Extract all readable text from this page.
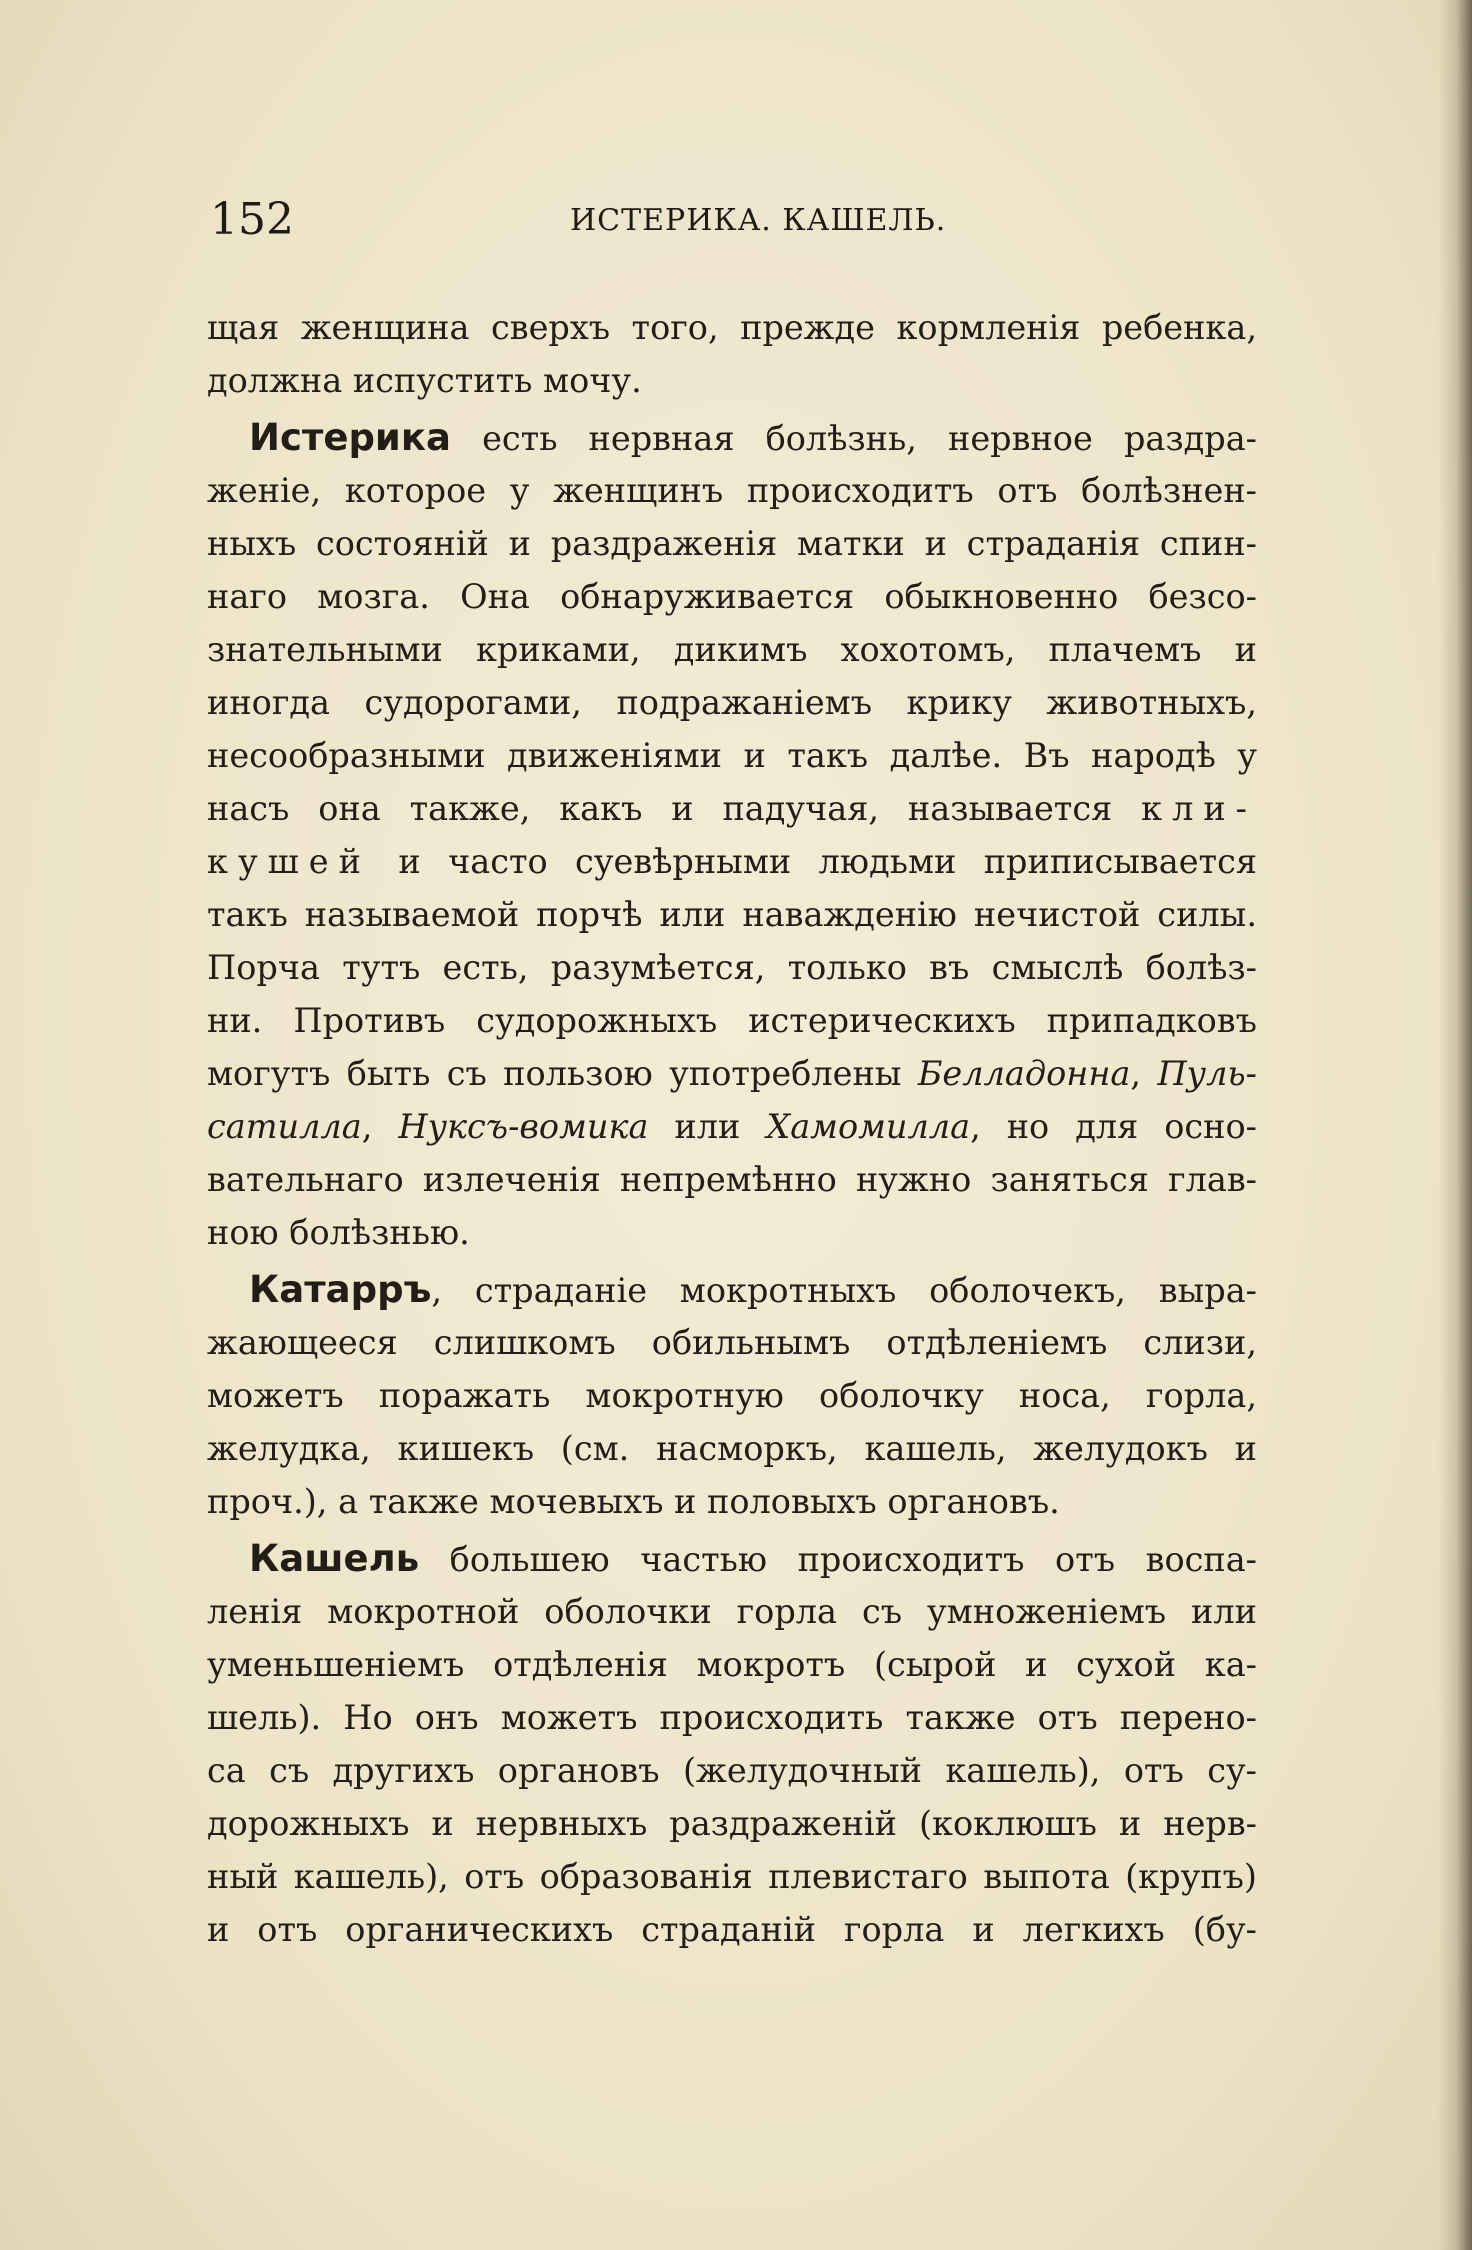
152	ИСТЕРИКА. КАШЕЛЬ.
щая женщина сверхъ того, прежде кормленія ребенка,
должна испустить мочу.
Истерика есть нервная болѣзнь, нервное раздра-
женіе, которое у женщинъ происходитъ отъ болѣзнен-
ныхъ состояній и раздраженія матки и страданія спин-
наго мозга. Она обнаруживается обыкновенно безсо-
знательными криками, дикимъ хохотомъ, плачемъ и
иногда судорогами, подражаніемъ крику животныхъ,
несообразными движеніями и такъ далѣе. Въ народѣ у
насъ она также, какъ и падучая, называется кли-
кушей и часто суевѣрными людьми приписывается
такъ называемой порчѣ или наважденію нечистой силы.
Порча тутъ есть, разумѣется, только въ смыслѣ болѣз-
ни. Противъ судорожныхъ истерическихъ припадковъ
могутъ быть съ пользою употреблены Белладонна, Пуль-
сатилла, Нуксъ-вомика или Хамомилла, но для осно-
вательнаго излеченія непремѣнно нужно заняться глав-
ною болѣзнью.
Катарръ, страданіе мокротныхъ оболочекъ, выра-
жающееся слишкомъ обильнымъ отдѣленіемъ слизи,
можетъ поражать мокротную оболочку носа, горла,
желудка, кишекъ (см. насморкъ, кашель, желудокъ и
проч.), а также мочевыхъ и половыхъ органовъ.
Кашель большею частью происходитъ отъ воспа-
ленія мокротной оболочки горла съ умноженіемъ или
уменьшеніемъ отдѣленія мокротъ (сырой и сухой ка-
шель). Но онъ можетъ происходить также отъ перено-
са съ другихъ органовъ (желудочный кашель), отъ су-
дорожныхъ и нервныхъ раздраженій (коклюшъ и нерв-
ный кашель), отъ образованія плевистаго выпота (крупъ)
и отъ органическихъ страданій горла и легкихъ (бу-
